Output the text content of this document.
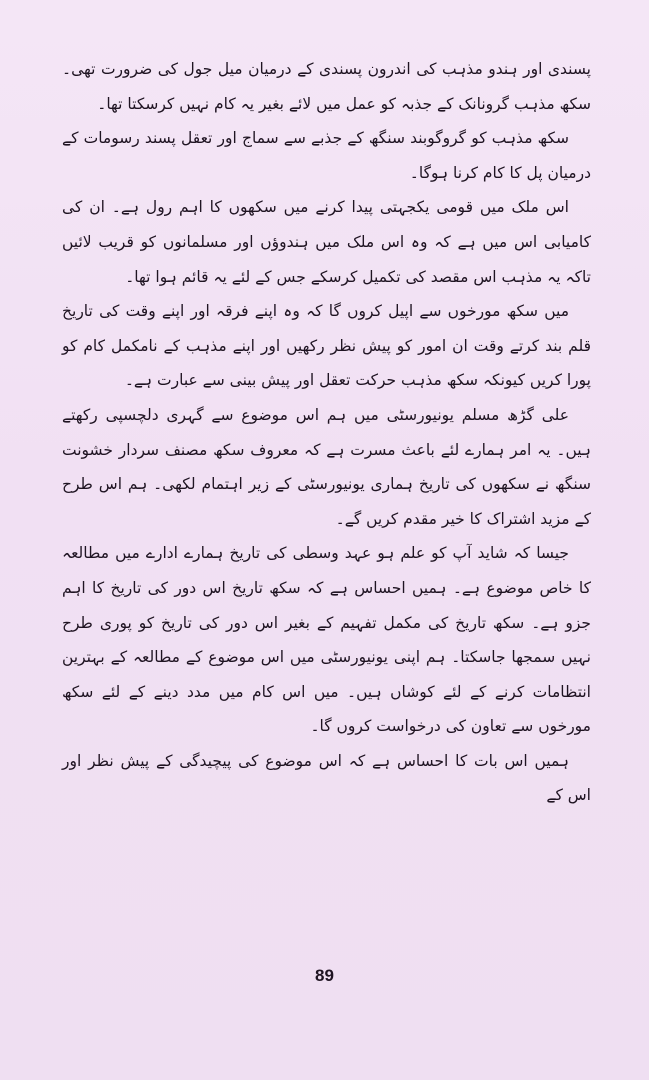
پسندی اور ہندو مذہب کی اندرون پسندی کے درمیان میل جول کی ضرورت تھی۔ سکھ مذہب گرونانک کے جذبہ کو عمل میں لائے بغیر یہ کام نہیں کرسکتا تھا۔

سکھ مذہب کو گروگوبند سنگھ کے جذبے سے سماج اور تعقل پسند رسومات کے درمیان پل کا کام کرنا ہوگا۔

اس ملک میں قومی یکجہتی پیدا کرنے میں سکھوں کا اہم رول ہے۔ ان کی کامیابی اس میں ہے کہ وہ اس ملک میں ہندوؤں اور مسلمانوں کو قریب لائیں تاکہ یہ مذہب اس مقصد کی تکمیل کرسکے جس کے لئے یہ قائم ہوا تھا۔

میں سکھ مورخوں سے اپیل کروں گا کہ وہ اپنے فرقہ اور اپنے وقت کی تاریخ قلم بند کرتے وقت ان امور کو پیش نظر رکھیں اور اپنے مذہب کے نامکمل کام کو پورا کریں کیونکہ سکھ مذہب حرکت تعقل اور پیش بینی سے عبارت ہے۔

علی گڑھ مسلم یونیورسٹی میں ہم اس موضوع سے گہری دلچسپی رکھتے ہیں۔ یہ امر ہمارے لئے باعث مسرت ہے کہ معروف سکھ مصنف سردار خشونت سنگھ نے سکھوں کی تاریخ ہماری یونیورسٹی کے زیر اہتمام لکھی۔ ہم اس طرح کے مزید اشتراک کا خیر مقدم کریں گے۔

جیسا کہ شاید آپ کو علم ہو عہد وسطی کی تاریخ ہمارے ادارے میں مطالعہ کا خاص موضوع ہے۔ ہمیں احساس ہے کہ سکھ تاریخ اس دور کی تاریخ کا اہم جزو ہے۔ سکھ تاریخ کی مکمل تفہیم کے بغیر اس دور کی تاریخ کو پوری طرح نہیں سمجھا جاسکتا۔ ہم اپنی یونیورسٹی میں اس موضوع کے مطالعہ کے بہترین انتظامات کرنے کے لئے کوشاں ہیں۔ میں اس کام میں مدد دینے کے لئے سکھ مورخوں سے تعاون کی درخواست کروں گا۔

ہمیں اس بات کا احساس ہے کہ اس موضوع کی پیچیدگی کے پیش نظر اور اس کے

89
